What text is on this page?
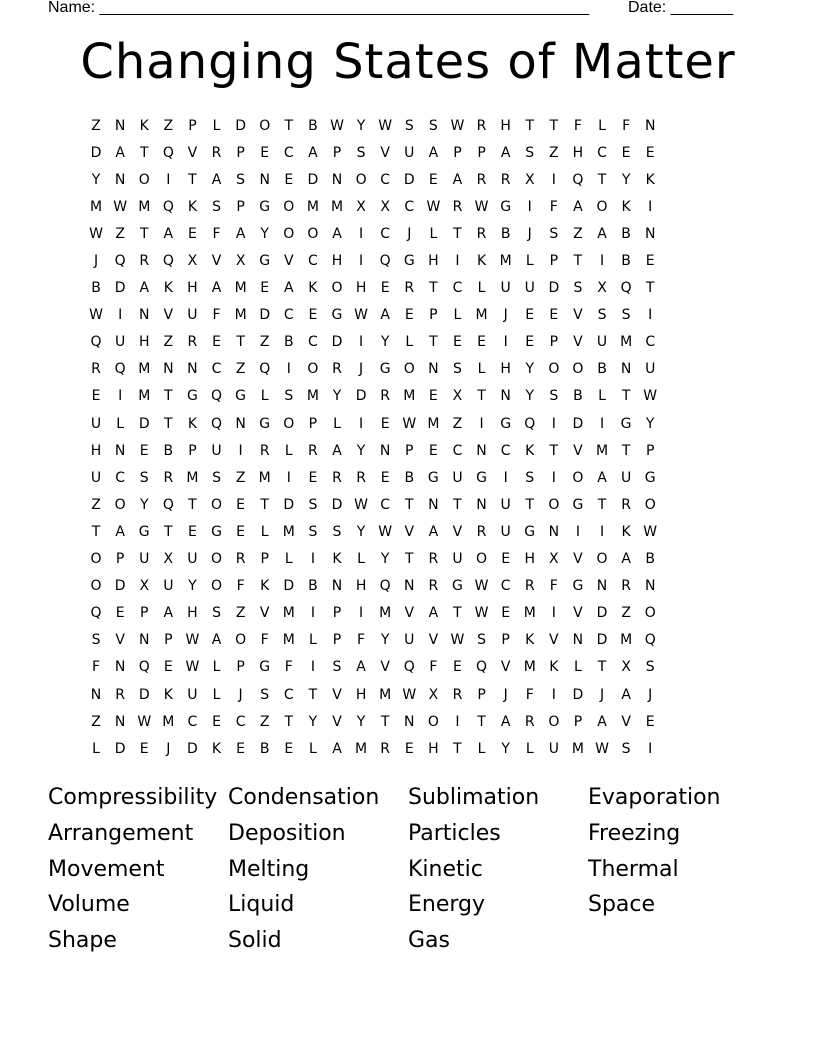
Name: _______________________________________________________ Date: _______
Changing States of Matter
Z	N	K	Z	P	L	D O	T	B W Y W S	S W R H	T	T	F	L	F	N
D A	T	Q V	R	P	E	C	A	P	S	V	U	A	P	P	A	S	Z	H C	E	E
Y	N O	I	T	A	S	N	E	D N O C D	E	A	R	R	X	I	Q	T	Y	K
M W M Q K	S	P	G O M M X	X	C W R W G	I	F	A O K	I
W Z	T	A	E	F	A	Y	O O A	I	C	J	L	T	R	B	J	S	Z	A	B	N
J	Q R Q X	V	X G V	C H	I	Q G H	I	K M	L	P	T	I	B	E
B D A	K	H	A M E	A	K O H	E	R	T	C	L	U U D	S	X Q	T
W	I	N	V	U	F	M D C	E	G W A	E	P	L	M	J	E	E	V	S	S	I
Q U H	Z	R	E	T	Z	B	C D	I	Y	L	T	E	E	I	E	P	V	U M C
R Q M N N C	Z Q	I	O R	J	G O N	S	L	H	Y	O O B	N U
E	I	M T	G Q G	L	S M Y	D R M E	X	T	N	Y	S	B	L	T W
U	L	D	T	K Q N G O	P	L	I	E W M Z	I	G Q	I	D	I	G	Y
H N	E	B	P	U	I	R	L	R	A	Y	N	P	E	C N C	K	T	V M T	P
U	C	S	R M S	Z M	I	E	R	R	E	B G U G	I	S	I	O A	U G
Z O	Y	Q	T	O	E	T	D	S	D W C	T	N	T	N U	T	O G	T	R O
T	A G	T	E	G	E	L	M S	S	Y W V	A	V	R	U G N	I	I	K W
O	P	U	X	U O R	P	L	I	K	L	Y	T	R	U O	E	H	X	V O A	B
O D X	U	Y	O	F	K	D B	N H Q N R G W C	R	F	G N R N
Q	E	P	A	H	S	Z	V M	I	P	I	M V	A	T W E M	I	V D Z O
S	V	N	P W A O	F	M	L	P	F	Y	U	V W S	P	K	V	N D M Q
F	N Q	E W L	P	G	F	I	S	A	V Q	F	E	Q V M K	L	T	X	S
N R D	K	U	L	J	S	C	T	V	H M W X	R	P	J	F	I	D	J	A	J
Z	N W M C	E	C	Z	T	Y	V	Y	T	N O	I	T	A	R O	P	A	V	E
L	D	E	J	D	K	E	B	E	L	A M R	E	H	T	L	Y	L	U M W S	I
Compressibility Condensation	Sublimation	Evaporation
Arrangement	Deposition	Particles	Freezing
Movement	Melting	Kinetic	Thermal
Volume	Liquid	Energy	Space
Shape	Solid	Gas
